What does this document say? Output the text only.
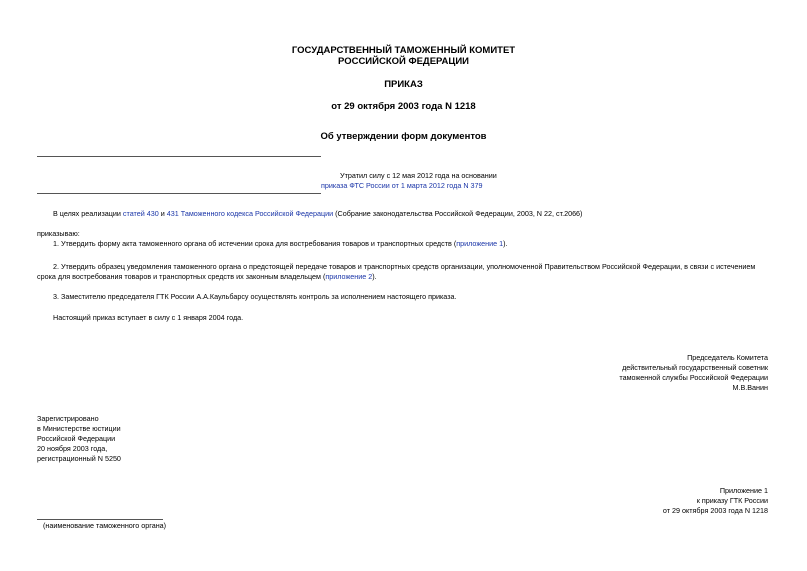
ГОСУДАРСТВЕННЫЙ ТАМОЖЕННЫЙ КОМИТЕТ
РОССИЙСКОЙ ФЕДЕРАЦИИ
ПРИКАЗ
от 29 октября 2003 года N 1218
Об утверждении форм документов
Утратил силу с 12 мая 2012 года на основании
приказа ФТС России от 1 марта 2012 года N 379
В целях реализации статей 430 и 431 Таможенного кодекса Российской Федерации (Собрание законодательства Российской Федерации, 2003, N 22, ст.2066)
приказываю:
1. Утвердить форму акта таможенного органа об истечении срока для востребования товаров и транспортных средств (приложение 1).
2. Утвердить образец уведомления таможенного органа о предстоящей передаче товаров и транспортных средств организации, уполномоченной Правительством Российской Федерации, в связи с истечением
срока для востребования товаров и транспортных средств их законным владельцем (приложение 2).
3. Заместителю председателя ГТК России А.А.Каульбарсу осуществлять контроль за исполнением настоящего приказа.
Настоящий приказ вступает в силу с 1 января 2004 года.

Председатель Комитета

действительный государственный советник

таможенной службы Российской Федерации

М.В.Ванин

Зарегистрировано

в Министерстве юстиции

Российской Федерации

20 ноября 2003 года,

регистрационный N 5250

Приложение 1

к приказу ГТК России

от 29 октября 2003 года N 1218

(наименование таможенного органа)
